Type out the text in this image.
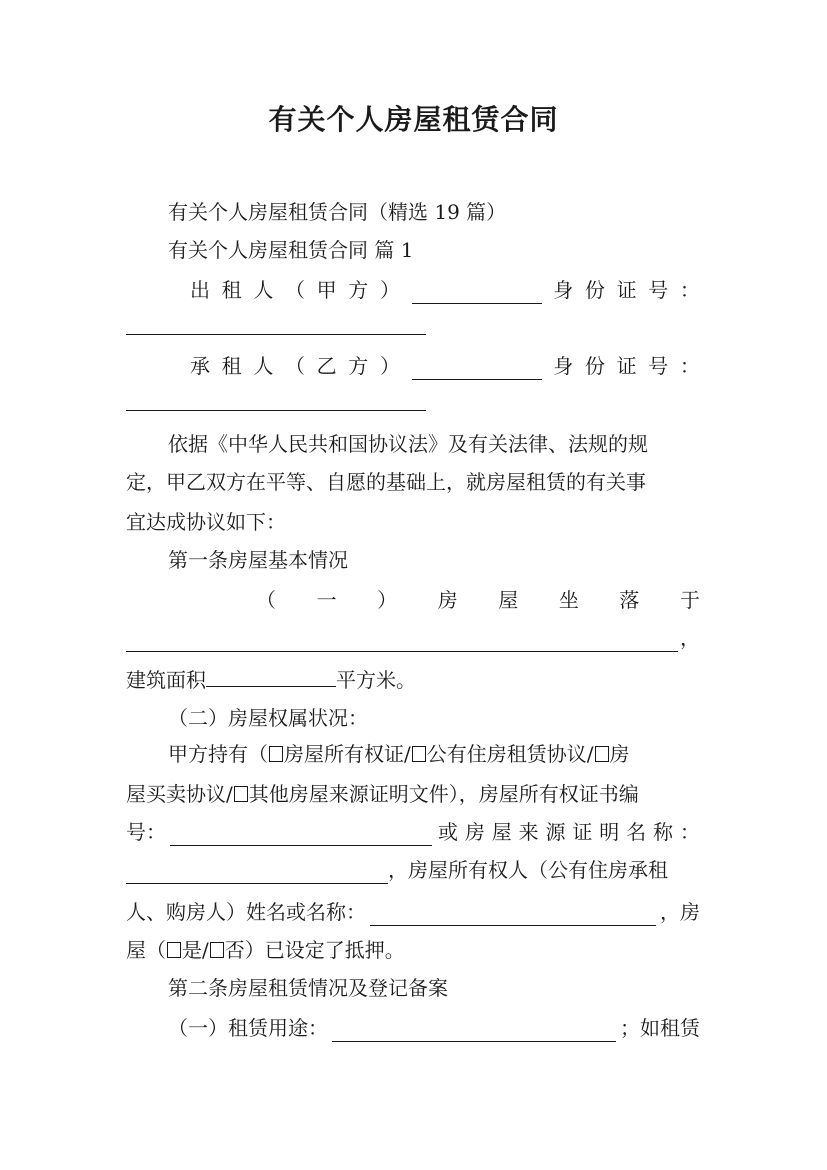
有关个人房屋租赁合同
有关个人房屋租赁合同（精选 19 篇）
有关个人房屋租赁合同 篇 1
出 租 人 （ 甲 方 ）	身 份 证 号 ：
承 租 人 （ 乙 方 ）	身 份 证 号 ：
依据《中华人民共和国协议法》及有关法律、法规的规
定，甲乙双方在平等、自愿的基础上，就房屋租赁的有关事
宜达成协议如下：
第一条房屋基本情况
（ 一 ） 房 屋 坐 落 于
，
建筑面积	平方米。
（二）房屋权属状况：
甲方持有（ 房屋所有权证/ 公有住房租赁协议/ 房
屋买卖协议/ 其他房屋来源证明文件），房屋所有权证书编
号：	或 房 屋 来 源 证 明 名 称 ：
，房屋所有权人（公有住房承租
人、购房人）姓名或名称：	，房
屋（ 是/ 否）已设定了抵押。
第二条房屋租赁情况及登记备案
（一）租赁用途：	；如租赁
